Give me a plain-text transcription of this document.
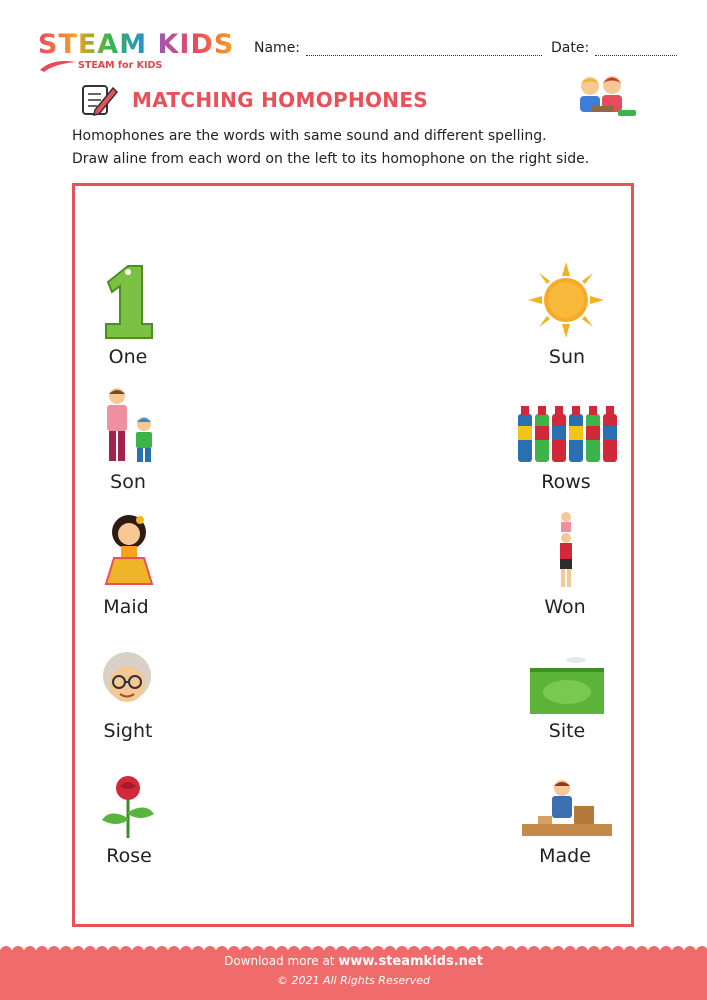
STEAM KIDS
STEAM for KIDS
Name:	Date:
MATCHING HOMOPHONES
Homophones are the words with same sound and different spelling.
Draw aline from each word on the left to its homophone on the right side.
One
Son
Maid
Sight
Rose
Sun
Rows
Won
Site
Made
Download more at www.steamkids.net
© 2021 All Rights Reserved
